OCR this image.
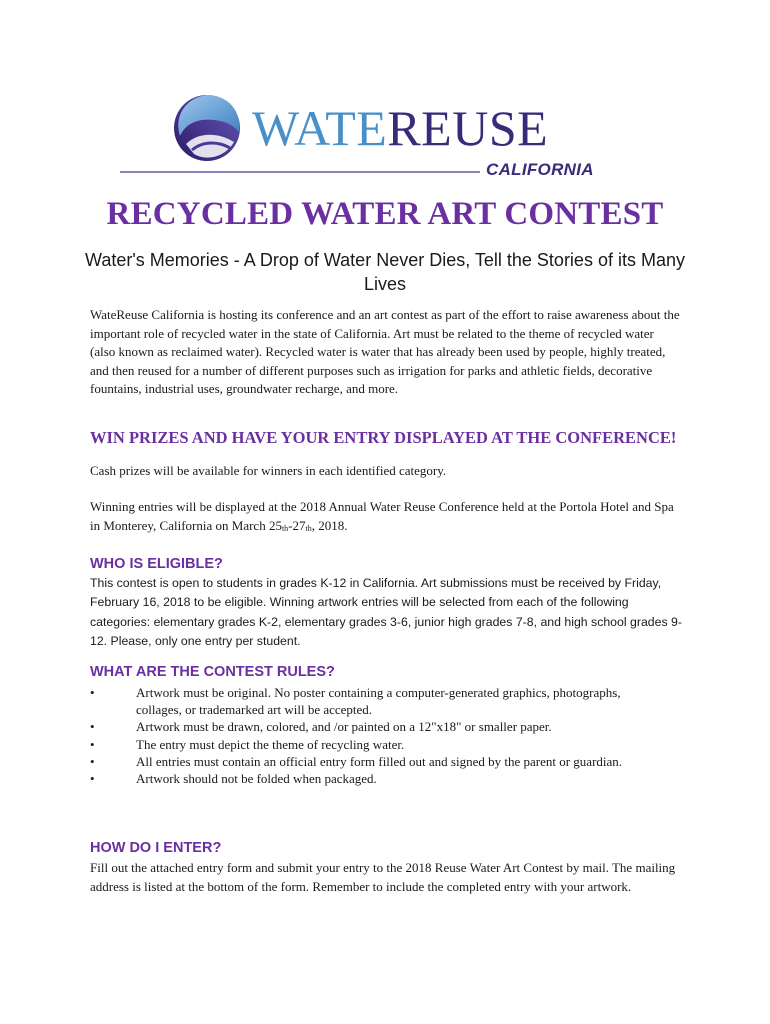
WATEREUSE
CALIFORNIA
RECYCLED WATER ART CONTEST
Water's Memories - A Drop of Water Never Dies, Tell the Stories of its Many Lives
WateReuse California is hosting its conference and an art contest as part of the effort to raise awareness about the important role of recycled water in the state of California. Art must be related to the theme of recycled water (also known as reclaimed water). Recycled water is water that has already been used by people, highly treated, and then reused for a number of different purposes such as irrigation for parks and athletic fields, decorative fountains, industrial uses, groundwater recharge, and more.
WIN PRIZES AND HAVE YOUR ENTRY DISPLAYED AT THE CONFERENCE!
Cash prizes will be available for winners in each identified category.
Winning entries will be displayed at the 2018 Annual Water Reuse Conference held at the Portola Hotel and Spa in Monterey, California on March $25_{th}-27_{th}$, 2018.
WHO IS ELIGIBLE?
This contest is open to students in grades K-12 in California. Art submissions must be received by Friday, February 16, 2018 to be eligible. Winning artwork entries will be selected from each of the following categories: elementary grades K-2, elementary grades 3-6, junior high grades 7-8, and high school grades 9-12. Please, only one entry per student.
WHAT ARE THE CONTEST RULES?
•	Artwork must be original. No poster containing a computer-generated graphics, photographs, collages, or trademarked art will be accepted.
•	Artwork must be drawn, colored, and /or painted on a 12"x18" or smaller paper.
•	The entry must depict the theme of recycling water.
•	All entries must contain an official entry form filled out and signed by the parent or guardian.
•	Artwork should not be folded when packaged.
HOW DO I ENTER?
Fill out the attached entry form and submit your entry to the 2018 Reuse Water Art Contest by mail. The mailing address is listed at the bottom of the form. Remember to include the completed entry with your artwork.
